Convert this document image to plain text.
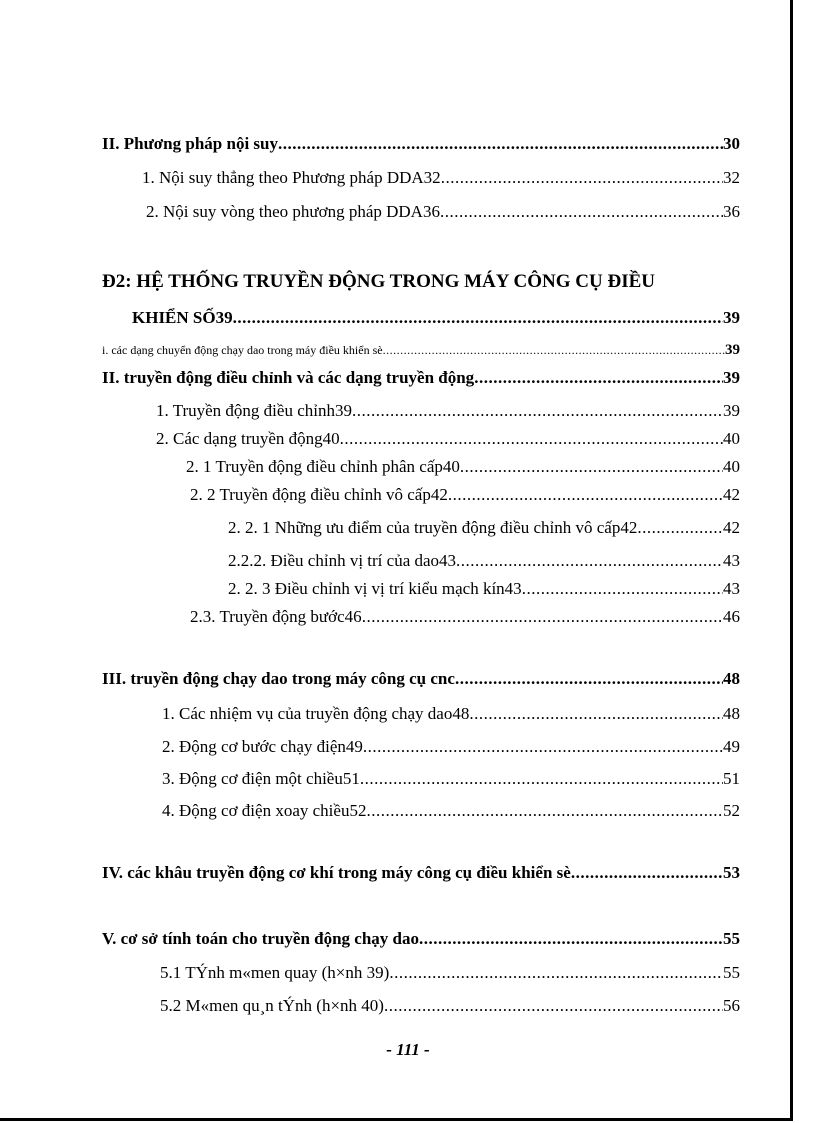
II. Phương pháp nội suy .....	30
1. Nội suy thẳng theo Phương pháp DDA32 .....	32
2. Nội suy vòng theo phương pháp DDA36 .....	36
Đ2: HỆ THỐNG TRUYỀN ĐỘNG TRONG MÁY CÔNG CỤ ĐIỀU
KHIỂN SỐ39 .....	39
i. các dạng chuyển động chạy dao trong máy điều khiển sè .....	39
II. truyền động điều chỉnh và các dạng truyền động .....	39
1. Truyền động điều chỉnh39 .....	39
2. Các dạng truyền động40 .....	40
2. 1 Truyền động điều chỉnh phân cấp40 .....	40
2. 2 Truyền động điều chỉnh vô cấp42 .....	42
2. 2. 1 Những ưu điểm của truyền động điều chỉnh vô cấp42 .....	42
2.2.2. Điều chỉnh vị trí của dao43 .....	43
2. 2. 3 Điều chỉnh vị vị trí kiểu mạch kín43 .....	43
2.3. Truyền động bước46 .....	46
III. truyền động chạy dao trong máy công cụ cnc .....	48
1. Các nhiệm vụ của truyền động chạy dao48 .....	48
2. Động cơ bước chạy điện49 .....	49
3. Động cơ điện một chiều51 .....	51
4. Động cơ điện xoay chiều52 .....	52
IV. các khâu truyền động cơ khí trong máy công cụ điều khiển sè .....	53
V. cơ sở tính toán cho truyền động chạy dao .....	55
5.1 TÝnh m«men quay (h×nh 39) .....	55
5.2 M«men qu¸n tÝnh (h×nh 40) .....	56
- 111 -
